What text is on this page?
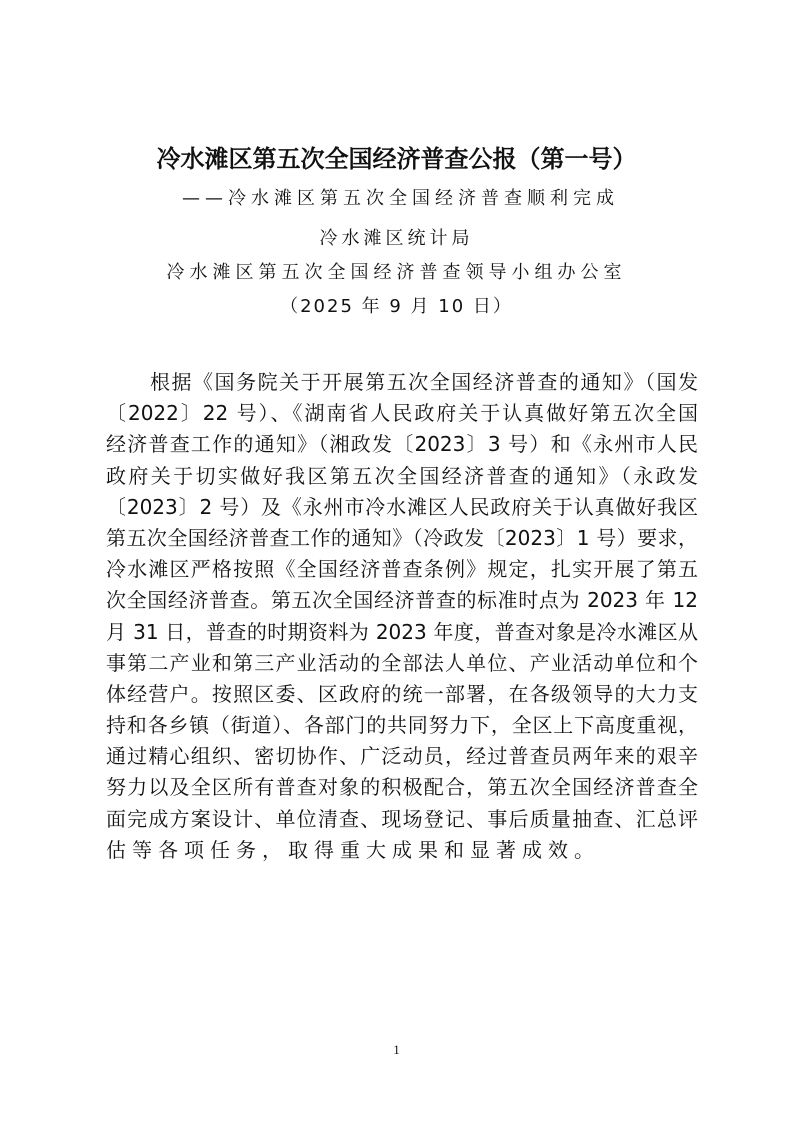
冷水滩区第五次全国经济普查公报（第一号）
——冷水滩区第五次全国经济普查顺利完成
冷水滩区统计局
冷水滩区第五次全国经济普查领导小组办公室
（2025 年 9 月 10 日）
根据《国务院关于开展第五次全国经济普查的通知》（国发
〔2022〕22 号）、《湖南省人民政府关于认真做好第五次全国
经济普查工作的通知》（湘政发〔2023〕3 号）和《永州市人民
政府关于切实做好我区第五次全国经济普查的通知》（永政发
〔2023〕2 号）及《永州市冷水滩区人民政府关于认真做好我区
第五次全国经济普查工作的通知》（冷政发〔2023〕1 号）要求，
冷水滩区严格按照《全国经济普查条例》规定，扎实开展了第五
次全国经济普查。第五次全国经济普查的标准时点为 2023 年 12
月 31 日，普查的时期资料为 2023 年度，普查对象是冷水滩区从
事第二产业和第三产业活动的全部法人单位、产业活动单位和个
体经营户。按照区委、区政府的统一部署，在各级领导的大力支
持和各乡镇（街道）、各部门的共同努力下，全区上下高度重视，
通过精心组织、密切协作、广泛动员，经过普查员两年来的艰辛
努力以及全区所有普查对象的积极配合，第五次全国经济普查全
面完成方案设计、单位清查、现场登记、事后质量抽查、汇总评
估等各项任务，取得重大成果和显著成效。
1
